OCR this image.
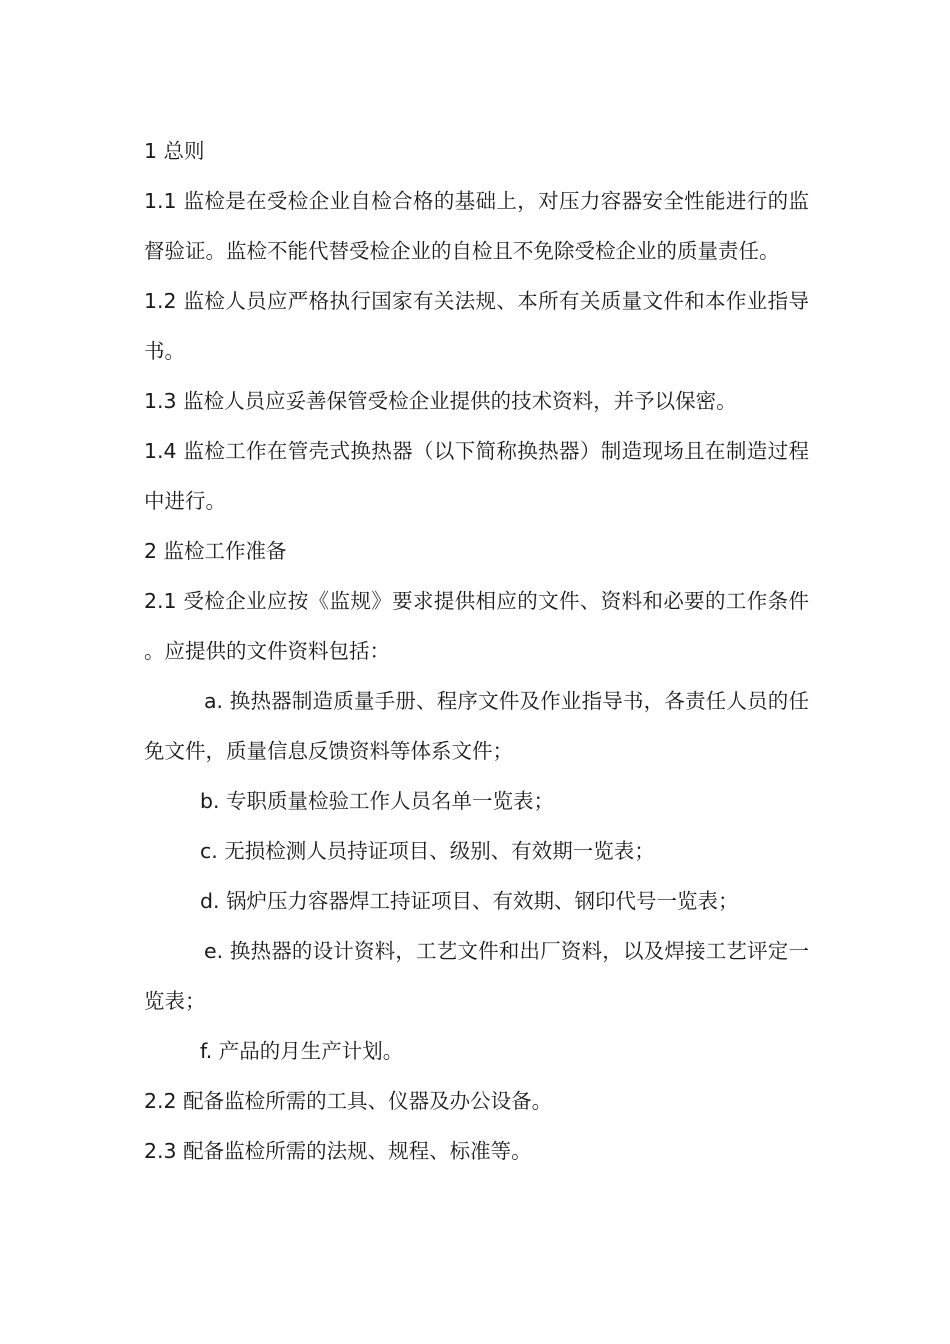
1 总则

1.1 监检是在受检企业自检合格的基础上，对压力容器安全性能进行的监督验证。监检不能代替受检企业的自检且不免除受检企业的质量责任。

1.2 监检人员应严格执行国家有关法规、本所有关质量文件和本作业指导书。

1.3 监检人员应妥善保管受检企业提供的技术资料，并予以保密。

1.4 监检工作在管壳式换热器（以下简称换热器）制造现场且在制造过程中进行。

2 监检工作准备

2.1 受检企业应按《监规》要求提供相应的文件、资料和必要的工作条件。应提供的文件资料包括：

a. 换热器制造质量手册、程序文件及作业指导书，各责任人员的任免文件，质量信息反馈资料等体系文件；

b. 专职质量检验工作人员名单一览表；

c. 无损检测人员持证项目、级别、有效期一览表；

d. 锅炉压力容器焊工持证项目、有效期、钢印代号一览表；

e. 换热器的设计资料，工艺文件和出厂资料，以及焊接工艺评定一览表；

f. 产品的月生产计划。

2.2 配备监检所需的工具、仪器及办公设备。

2.3 配备监检所需的法规、规程、标准等。
